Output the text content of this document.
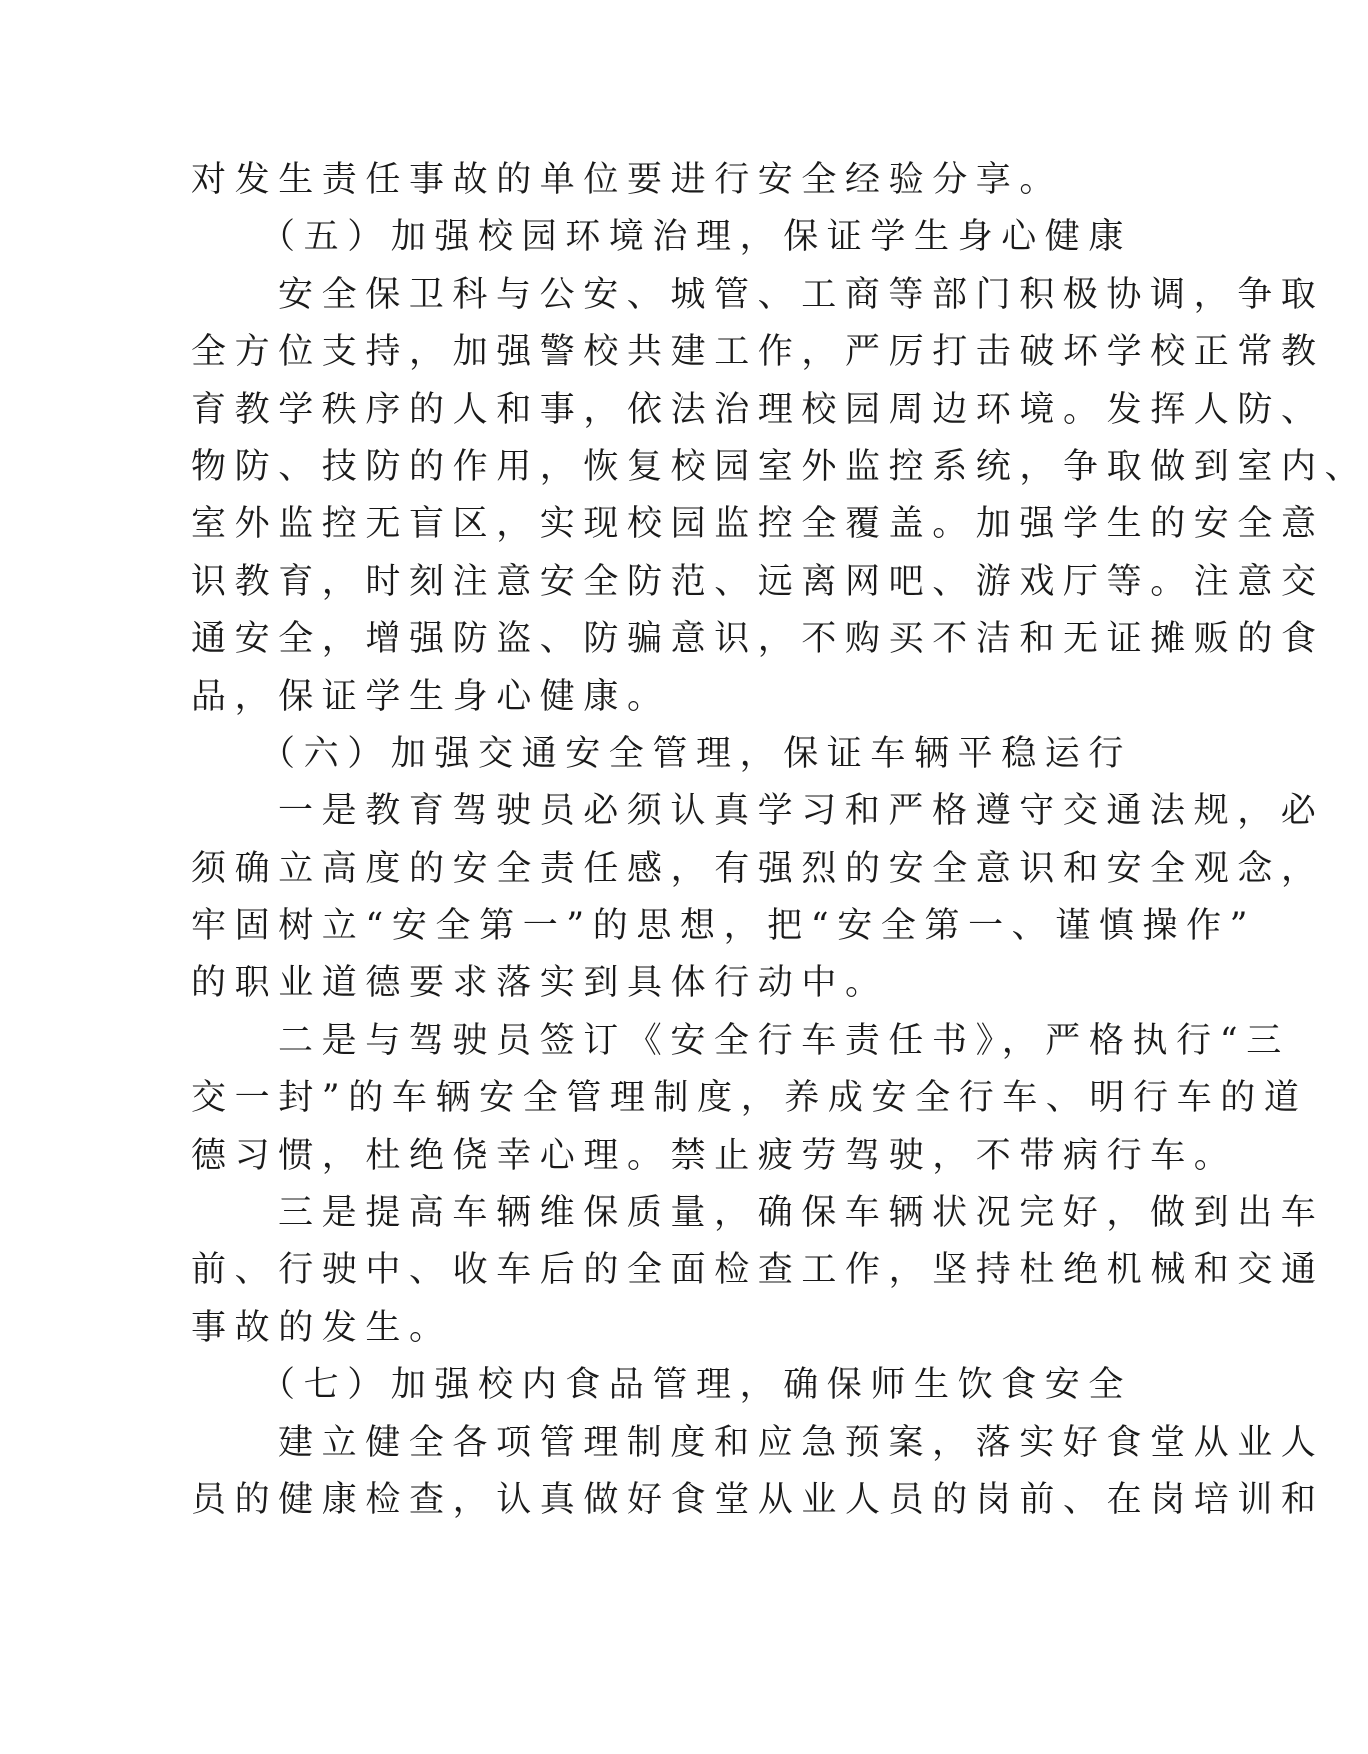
对发生责任事故的单位要进行安全经验分享。
（五）加强校园环境治理，保证学生身心健康
安全保卫科与公安、城管、工商等部门积极协调，争取
全方位支持，加强警校共建工作，严厉打击破坏学校正常教
育教学秩序的人和事，依法治理校园周边环境。发挥人防、
物防、技防的作用，恢复校园室外监控系统，争取做到室内、
室外监控无盲区，实现校园监控全覆盖。加强学生的安全意
识教育，时刻注意安全防范、远离网吧、游戏厅等。注意交
通安全，增强防盗、防骗意识，不购买不洁和无证摊贩的食
品，保证学生身心健康。
（六）加强交通安全管理，保证车辆平稳运行
一是教育驾驶员必须认真学习和严格遵守交通法规，必
须确立高度的安全责任感，有强烈的安全意识和安全观念，
牢固树立“安全第一”的思想，把“安全第一、谨慎操作”
的职业道德要求落实到具体行动中。
二是与驾驶员签订《安全行车责任书》，严格执行“三
交一封”的车辆安全管理制度，养成安全行车、明行车的道
德习惯，杜绝侥幸心理。禁止疲劳驾驶，不带病行车。
三是提高车辆维保质量，确保车辆状况完好，做到出车
前、行驶中、收车后的全面检查工作，坚持杜绝机械和交通
事故的发生。
（七）加强校内食品管理，确保师生饮食安全
建立健全各项管理制度和应急预案，落实好食堂从业人
员的健康检查，认真做好食堂从业人员的岗前、在岗培训和
